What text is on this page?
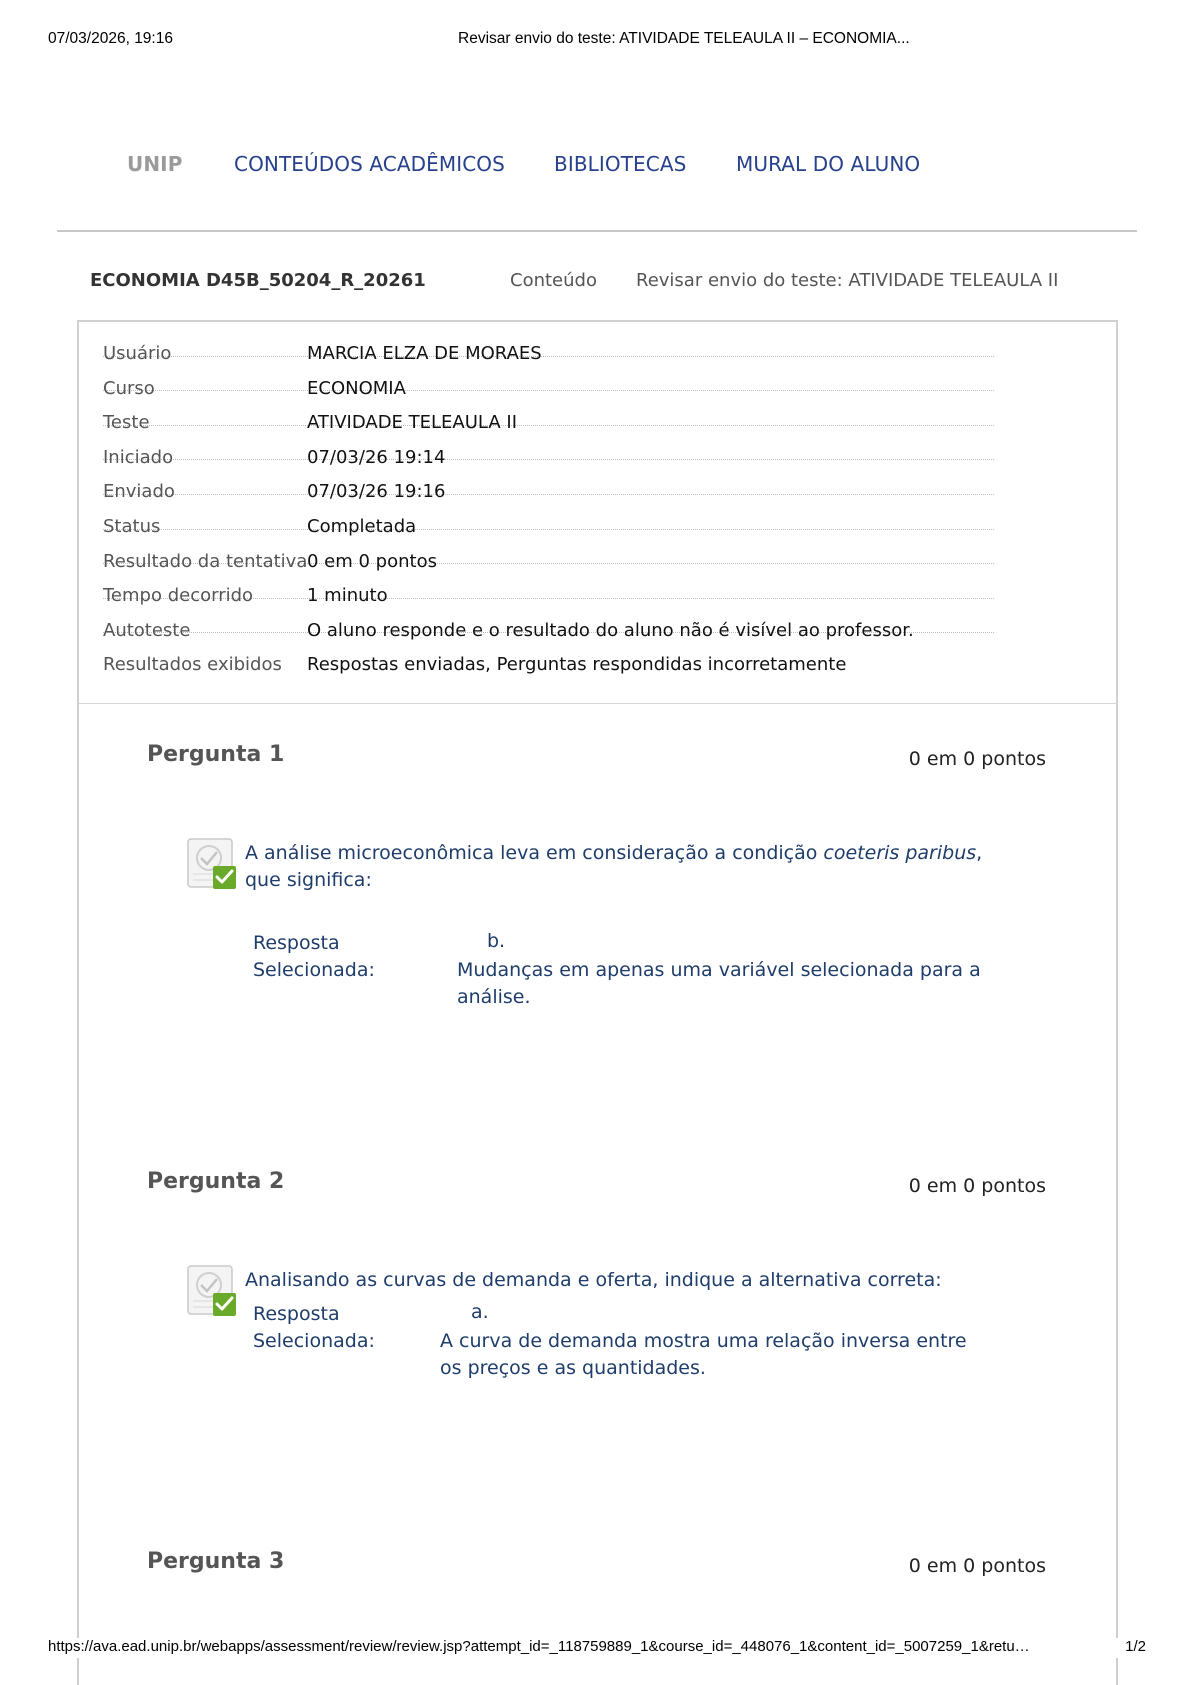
07/03/2026, 19:16	Revisar envio do teste: ATIVIDADE TELEAULA II – ECONOMIA...
UNIP	CONTEÚDOS ACADÊMICOS BIBLIOTECAS MURAL DO ALUNO
ECONOMIA D45B_50204_R_20261	Conteúdo Revisar envio do teste: ATIVIDADE TELEAULA II
Usuário	MARCIA ELZA DE MORAES
Curso	ECONOMIA
Teste	ATIVIDADE TELEAULA II
Iniciado	07/03/26 19:14
Enviado	07/03/26 19:16
Status	Completada
Resultado da tentativa 0 em 0 pontos
Tempo decorrido	1 minuto
Autoteste	O aluno responde e o resultado do aluno não é visível ao professor.
Resultados exibidos Respostas enviadas, Perguntas respondidas incorretamente
Pergunta 1	0 em 0 pontos
A análise microeconômica leva em consideração a condição coeteris paribus, que significa:
Resposta Selecionada:
b.
Mudanças em apenas uma variável selecionada para a análise.
Pergunta 2	0 em 0 pontos
Analisando as curvas de demanda e oferta, indique a alternativa correta:
Resposta Selecionada:
a.
A curva de demanda mostra uma relação inversa entre os preços e as quantidades.
Pergunta 3	0 em 0 pontos
https://ava.ead.unip.br/webapps/assessment/review/review.jsp?attempt_id=_118759889_1&course_id=_448076_1&content_id=_5007259_1&retu…	1/2
